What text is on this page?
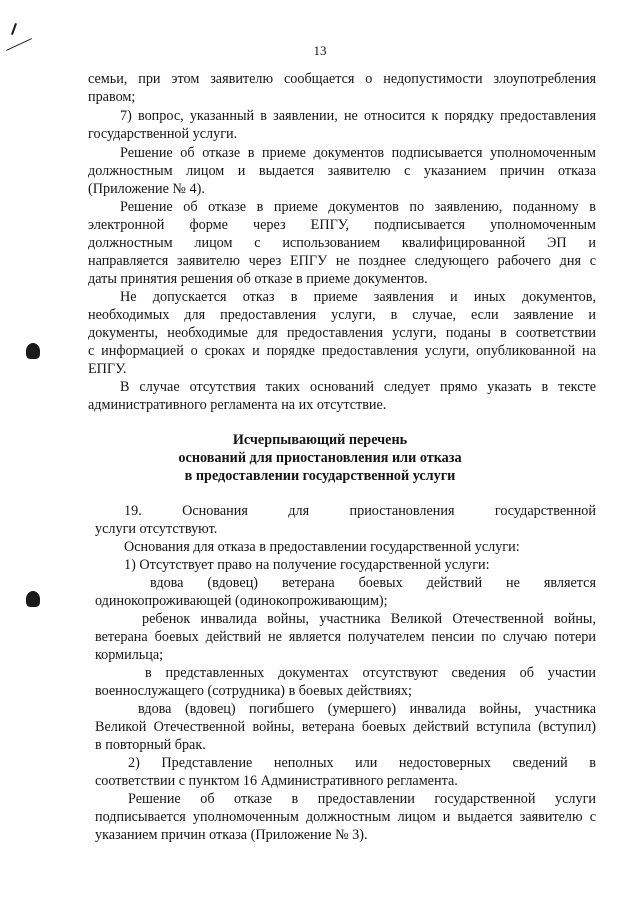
13
семьи, при этом заявителю сообщается о недопустимости злоупотребления
правом;
7) вопрос, указанный в заявлении, не относится к порядку предоставления
государственной услуги.
Решение об отказе в приеме документов подписывается уполномоченным
должностным лицом и выдается заявителю с указанием причин отказа
(Приложение № 4).
Решение об отказе в приеме документов по заявлению, поданному в
электронной форме через ЕПГУ, подписывается уполномоченным
должностным лицом с использованием квалифицированной ЭП и
направляется заявителю через ЕПГУ не позднее следующего рабочего дня с
даты принятия решения об отказе в приеме документов.
Не допускается отказ в приеме заявления и иных документов,
необходимых для предоставления услуги, в случае, если заявление и
документы, необходимые для предоставления услуги, поданы в соответствии
с информацией о сроках и порядке предоставления услуги, опубликованной на
ЕПГУ.
В случае отсутствия таких оснований следует прямо указать в тексте
административного регламента на их отсутствие.
Исчерпывающий перечень
оснований для приостановления или отказа
в предоставлении государственной услуги
19. Основания для приостановления государственной
услуги отсутствуют.
Основания для отказа в предоставлении государственной услуги:
1) Отсутствует право на получение государственной услуги:
вдова (вдовец) ветерана боевых действий не является
одинокопроживающей (одинокопроживающим);
ребенок инвалида войны, участника Великой Отечественной войны,
ветерана боевых действий не является получателем пенсии по случаю потери
кормильца;
в представленных документах отсутствуют сведения об участии
военнослужащего (сотрудника) в боевых действиях;
вдова (вдовец) погибшего (умершего) инвалида войны, участника
Великой Отечественной войны, ветерана боевых действий вступила (вступил)
в повторный брак.
2) Представление неполных или недостоверных сведений в
соответствии с пунктом 16 Административного регламента.
Решение об отказе в предоставлении государственной услуги
подписывается уполномоченным должностным лицом и выдается заявителю с
указанием причин отказа (Приложение № 3).
